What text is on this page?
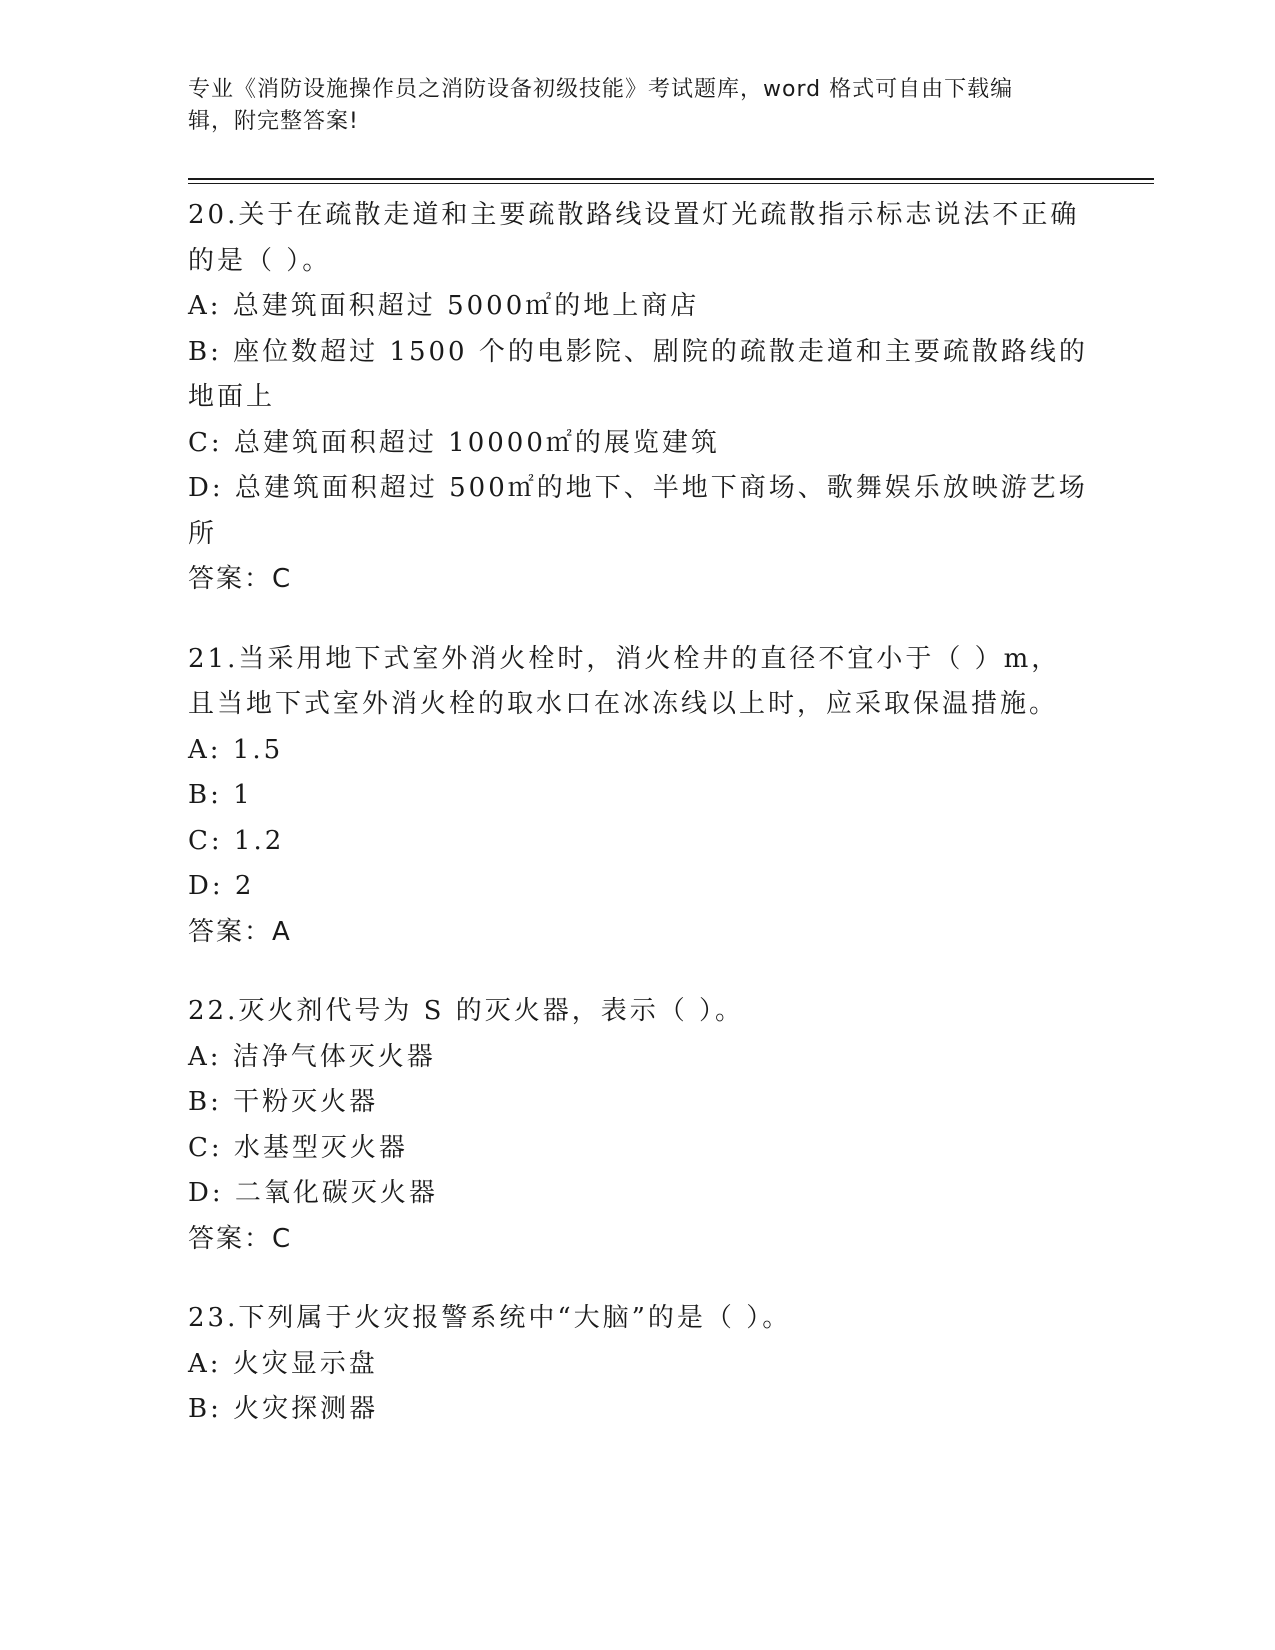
专业《消防设施操作员之消防设备初级技能》考试题库，word 格式可自由下载编
辑，附完整答案!
20.关于在疏散走道和主要疏散路线设置灯光疏散指示标志说法不正确
的是（ ）。
A: 总建筑面积超过 5000㎡的地上商店
B: 座位数超过 1500 个的电影院、剧院的疏散走道和主要疏散路线的
地面上
C: 总建筑面积超过 10000㎡的展览建筑
D: 总建筑面积超过 500㎡的地下、半地下商场、歌舞娱乐放映游艺场
所
答案：C
21.当采用地下式室外消火栓时，消火栓井的直径不宜小于（ ）m，
且当地下式室外消火栓的取水口在冰冻线以上时，应采取保温措施。
A: 1.5
B: 1
C: 1.2
D: 2
答案：A
22.灭火剂代号为 S 的灭火器，表示（ ）。
A: 洁净气体灭火器
B: 干粉灭火器
C: 水基型灭火器
D: 二氧化碳灭火器
答案：C
23.下列属于火灾报警系统中“大脑”的是（ ）。
A: 火灾显示盘
B: 火灾探测器
